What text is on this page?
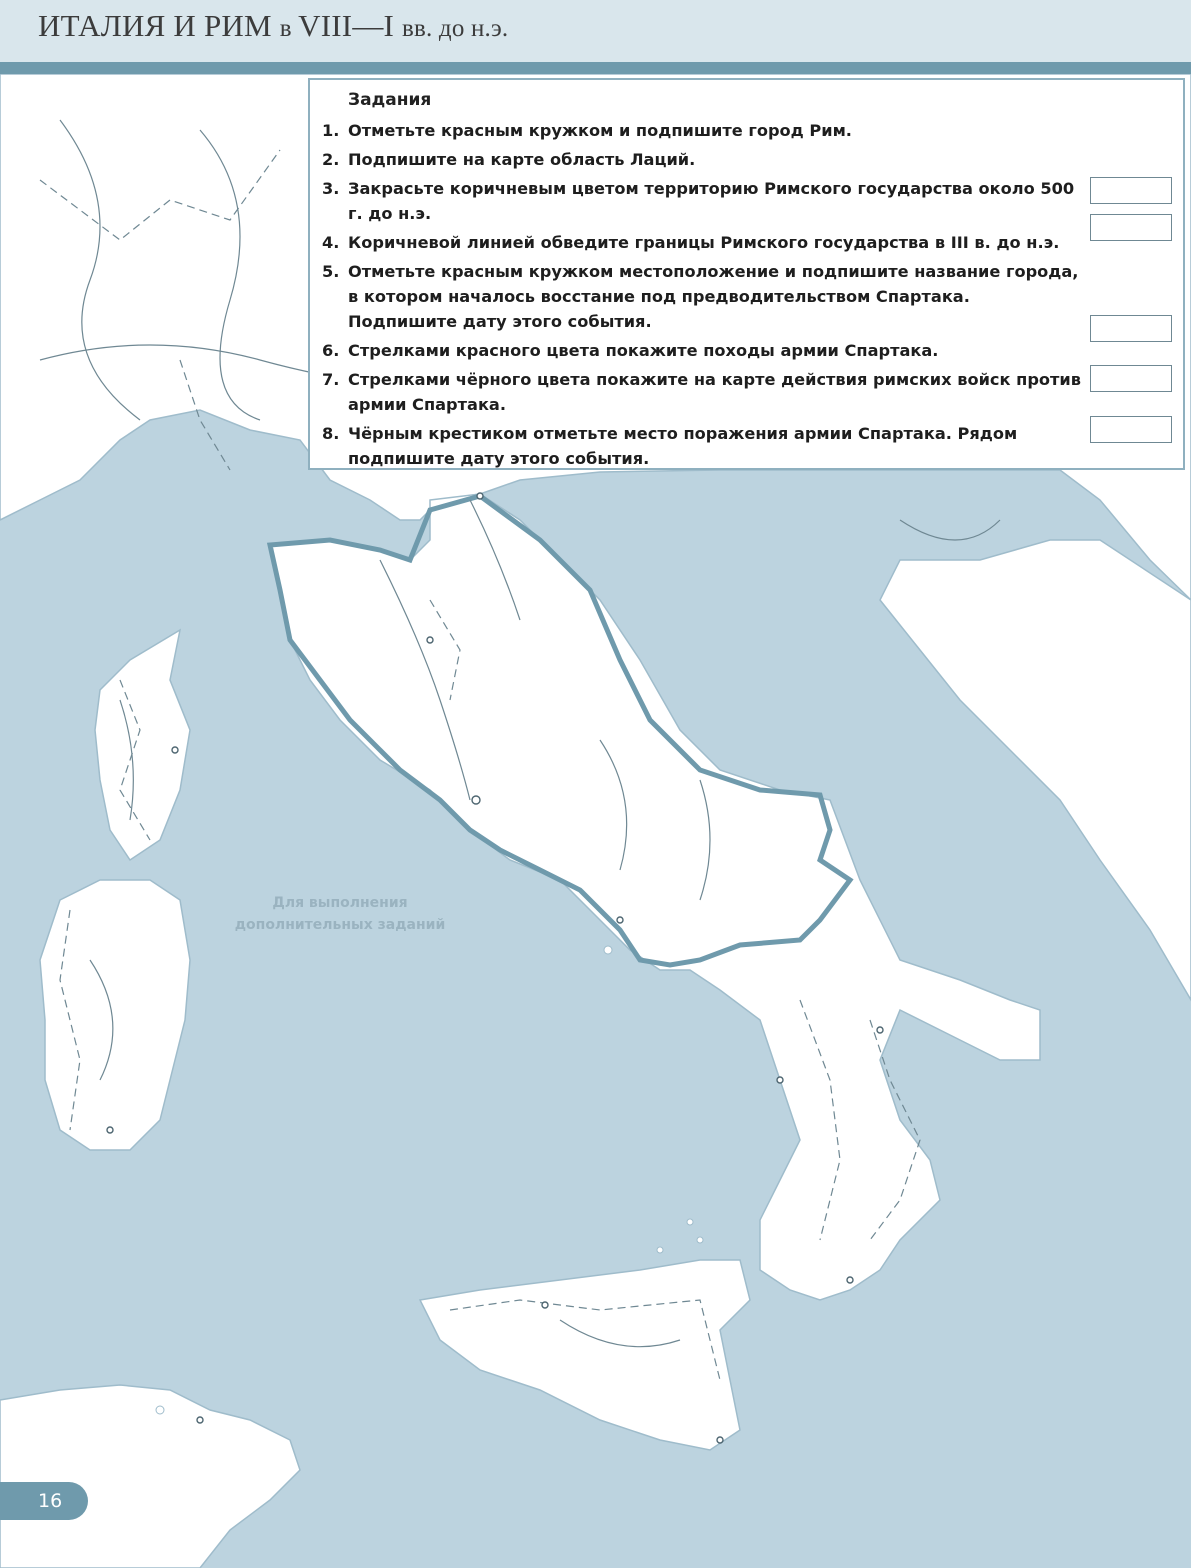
ИТАЛИЯ И РИМ в VIII—I вв. до н.э.
Для выполнения
дополнительных заданий
Задания
1. Отметьте красным кружком и подпишите город Рим.
2. Подпишите на карте область Лаций.
3. Закрасьте коричневым цветом территорию Римского государства около 500 г. до н.э.
4. Коричневой линией обведите границы Римского государства в III в. до н.э.
5. Отметьте красным кружком местоположение и подпишите название города, в котором началось восстание под предводительством Спартака. Подпишите дату этого события.
6. Стрелками красного цвета покажите походы армии Спартака.
7. Стрелками чёрного цвета покажите на карте действия римских войск против армии Спартака.
8. Чёрным крестиком отметьте место поражения армии Спартака. Рядом подпишите дату этого события.
16
